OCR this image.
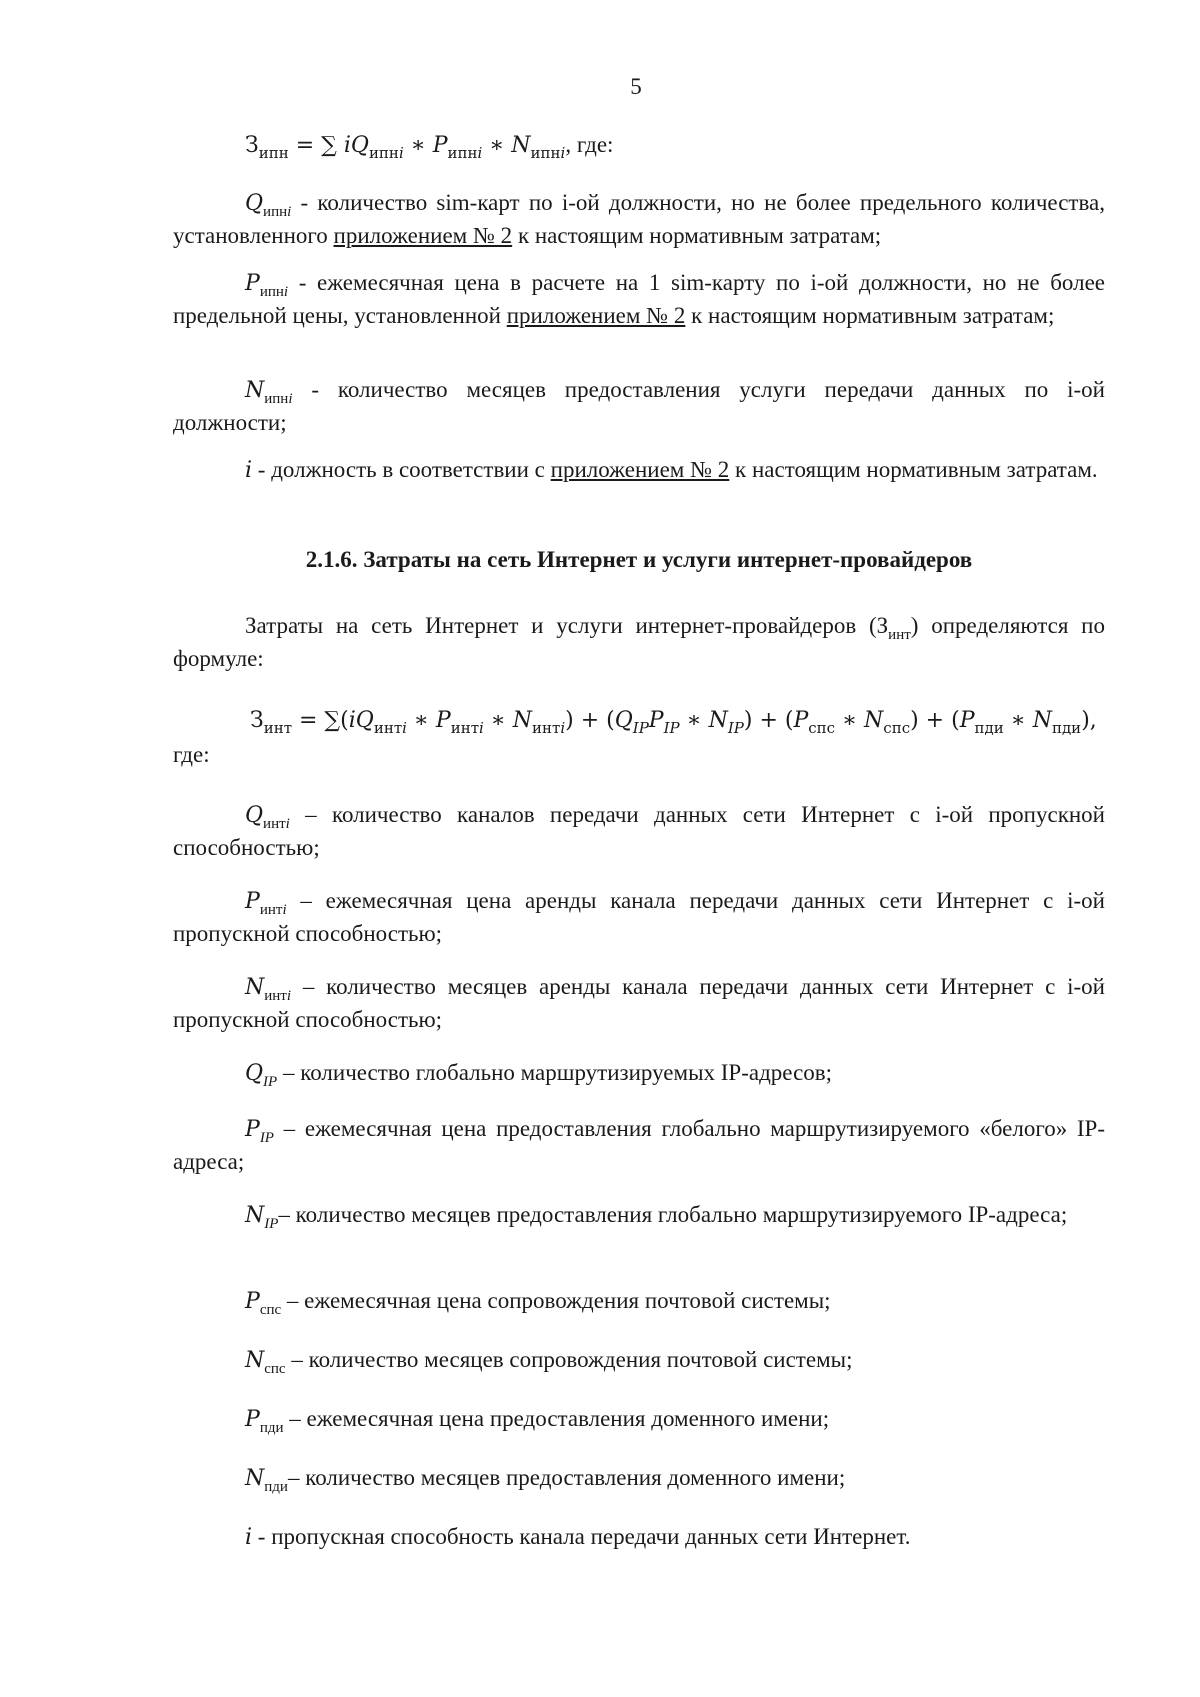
5
$З_{ипн}$ = ∑ $iQ_{ипнi}$ ∗ $P_{ипнi}$ ∗ $N_{ипнi}$, где:
$Q_{ипнi}$ - количество sim-карт по i-ой должности, но не более предельного количества, установленного приложением № 2 к настоящим нормативным затратам;
$P_{ипнi}$ - ежемесячная цена в расчете на 1 sim-карту по i-ой должности, но не более предельной цены, установленной приложением № 2 к настоящим нормативным затратам;
$N_{ипнi}$ - количество месяцев предоставления услуги передачи данных по i-ой должности;
i - должность в соответствии с приложением № 2 к настоящим нормативным затратам.
2.1.6. Затраты на сеть Интернет и услуги интернет-провайдеров
Затраты на сеть Интернет и услуги интернет-провайдеров $(З_{инт})$ определяются по формуле:
$З_{инт} = \sum(iQ_{интi}$ ∗ $P_{интi}$ ∗ $N_{интi}) + (Q_{IP}P_{IP}$ ∗ $N_{IP}) + (P_{спс}$ ∗ $N_{спс}) + (P_{пди}$ ∗ $N_{пди}$),
где:
$Q_{интi}$ – количество каналов передачи данных сети Интернет с i-ой пропускной способностью;
$P_{интi}$ – ежемесячная цена аренды канала передачи данных сети Интернет с i-ой пропускной способностью;
$N_{интi}$ – количество месяцев аренды канала передачи данных сети Интернет с i-ой пропускной способностью;
$Q_{IP}$ – количество глобально маршрутизируемых IP-адресов;
$P_{IP}$ – ежемесячная цена предоставления глобально маршрутизируемого «белого» IP-адреса;
$N_{IP}-$ количество месяцев предоставления глобально маршрутизируемого IP-адреса;
$P_{спс}$ – ежемесячная цена сопровождения почтовой системы;
$N_{спс}$ – количество месяцев сопровождения почтовой системы;
$P_{пди}$ – ежемесячная цена предоставления доменного имени;
$N_{пди}-$ количество месяцев предоставления доменного имени;
i - пропускная способность канала передачи данных сети Интернет.
